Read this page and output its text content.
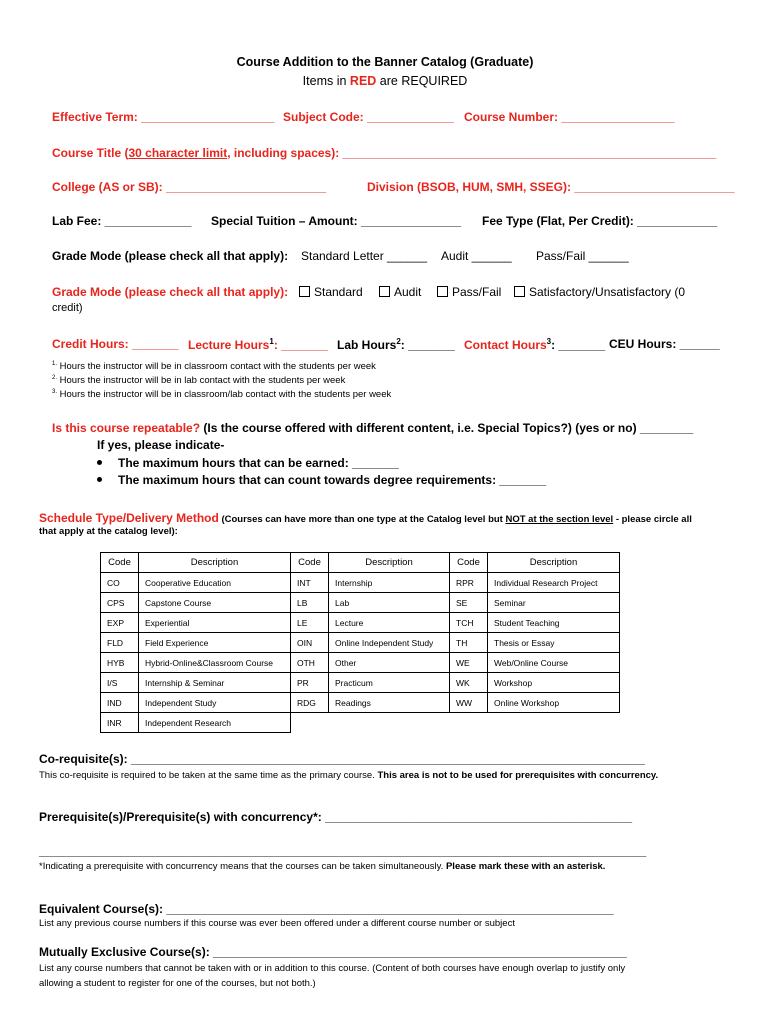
Course Addition to the Banner Catalog (Graduate)
Items in RED are REQUIRED
Effective Term: ____________________ Subject Code: _____________ Course Number: _________________
Course Title (30 character limit, including spaces): ________________________________________________________
College (AS or SB): ________________________	Division (BSOB, HUM, SMH, SSEG): ________________________
Lab Fee: _____________ Special Tuition – Amount: _______________ Fee Type (Flat, Per Credit): ____________
Grade Mode (please check all that apply): Standard Letter ______ Audit ______ Pass/Fail ______
Grade Mode (please check all that apply):	Standard	Audit	Pass/Fail	Satisfactory/Unsatisfactory (0
credit)
Credit Hours: _______ Lecture Hours$^1$: _______ Lab Hours$^2$: _______ Contact Hours$^3$: _______ CEU Hours: ______
$^{1.}$ Hours the instructor will be in classroom contact with the students per week
$^{2.}$ Hours the instructor will be in lab contact with the students per week
$^{3.}$ Hours the instructor will be in classroom/lab contact with the students per week
Is this course repeatable? (Is the course offered with different content, i.e. Special Topics?) (yes or no) ________
If yes, please indicate-
The maximum hours that can be earned: _______
The maximum hours that can count towards degree requirements: _______
Schedule Type/Delivery Method (Courses can have more than one type at the Catalog level but NOT at the section level - please circle all
that apply at the catalog level):
Code	Description	Code	Description	Code	Description
CO	Cooperative Education	INT	Internship	RPR	Individual Research Project
CPS	Capstone Course	LB	Lab	SE	Seminar
EXP	Experiential	LE	Lecture	TCH	Student Teaching
FLD	Field Experience	OIN	Online Independent Study	TH	Thesis or Essay
HYB	Hybrid-Online&Classroom Course	OTH	Other	WE	Web/Online Course
I/S	Internship & Seminar	PR	Practicum	WK	Workshop
IND	Independent Study	RDG	Readings	WW	Online Workshop
INR	Independent Research				
Co-requisite(s): _____________________________________________________________________________
This co-requisite is required to be taken at the same time as the primary course. This area is not to be used for prerequisites with concurrency.
Prerequisite(s)/Prerequisite(s) with concurrency*: ______________________________________________
___________________________________________________________________________________________
*Indicating a prerequisite with concurrency means that the courses can be taken simultaneously. Please mark these with an asterisk.
Equivalent Course(s): ___________________________________________________________________
List any previous course numbers if this course was ever been offered under a different course number or subject
Mutually Exclusive Course(s): ______________________________________________________________
List any course numbers that cannot be taken with or in addition to this course. (Content of both courses have enough overlap to justify only
allowing a student to register for one of the courses, but not both.)
